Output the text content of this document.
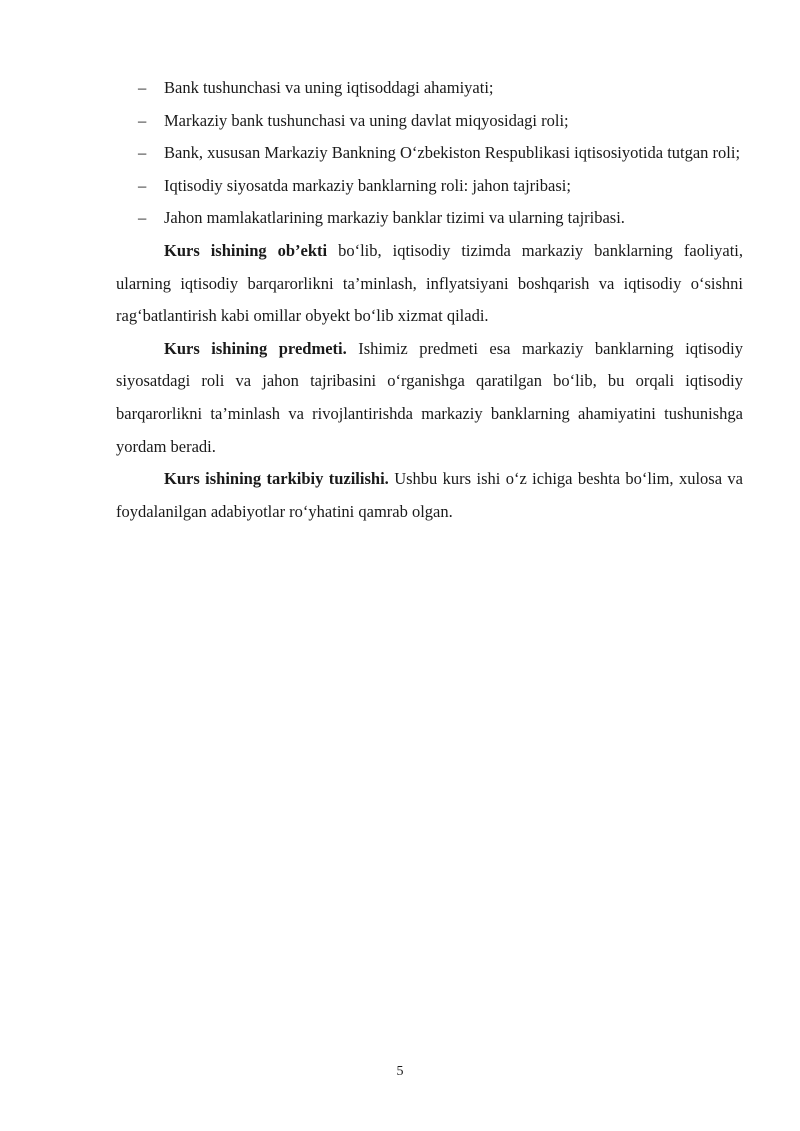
– Bank tushunchasi va uning iqtisoddagi ahamiyati;
– Markaziy bank tushunchasi va uning davlat miqyosidagi roli;
– Bank, xususan Markaziy Bankning O‘zbekiston Respublikasi iqtisosiyotida tutgan roli;
– Iqtisodiy siyosatda markaziy banklarning roli: jahon tajribasi;
– Jahon mamlakatlarining markaziy banklar tizimi va ularning tajribasi.

Kurs ishining ob’ekti bo‘lib, iqtisodiy tizimda markaziy banklarning faoliyati, ularning iqtisodiy barqarorlikni ta’minlash, inflyatsiyani boshqarish va iqtisodiy o‘sishni rag‘batlantirish kabi omillar obyekt bo‘lib xizmat qiladi.

Kurs ishining predmeti. Ishimiz predmeti esa markaziy banklarning iqtisodiy siyosatdagi roli va jahon tajribasini o‘rganishga qaratilgan bo‘lib, bu orqali iqtisodiy barqarorlikni ta’minlash va rivojlantirishda markaziy banklarning ahamiyatini tushunishga yordam beradi.

Kurs ishining tarkibiy tuzilishi. Ushbu kurs ishi o‘z ichiga beshta bo‘lim, xulosa va foydalanilgan adabiyotlar ro‘yhatini qamrab olgan.

5
